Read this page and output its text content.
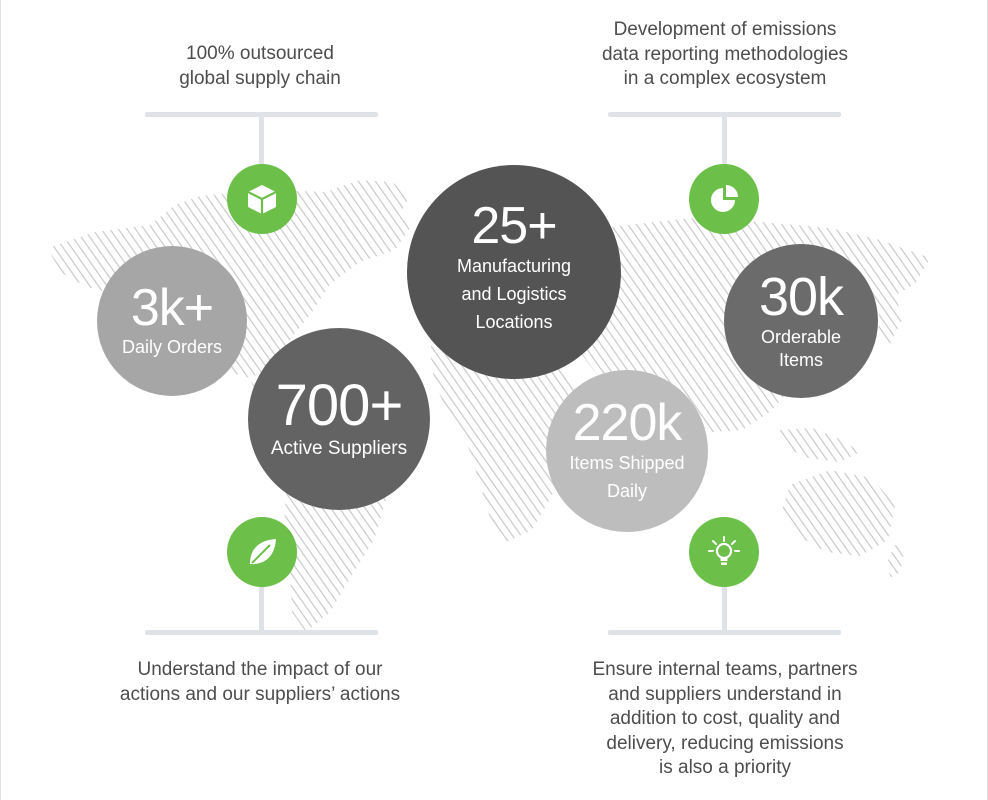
100% outsourced
global supply chain
Development of emissions
data reporting methodologies
in a complex ecosystem
Understand the impact of our
actions and our suppliers’ actions
Ensure internal teams, partners
and suppliers understand in
addition to cost, quality and
delivery, reducing emissions
is also a priority
3k+
Daily Orders
25+
Manufacturing
and Logistics
Locations	30k
Orderable
Items
700+
Active Suppliers	220k
Items Shipped
Daily
